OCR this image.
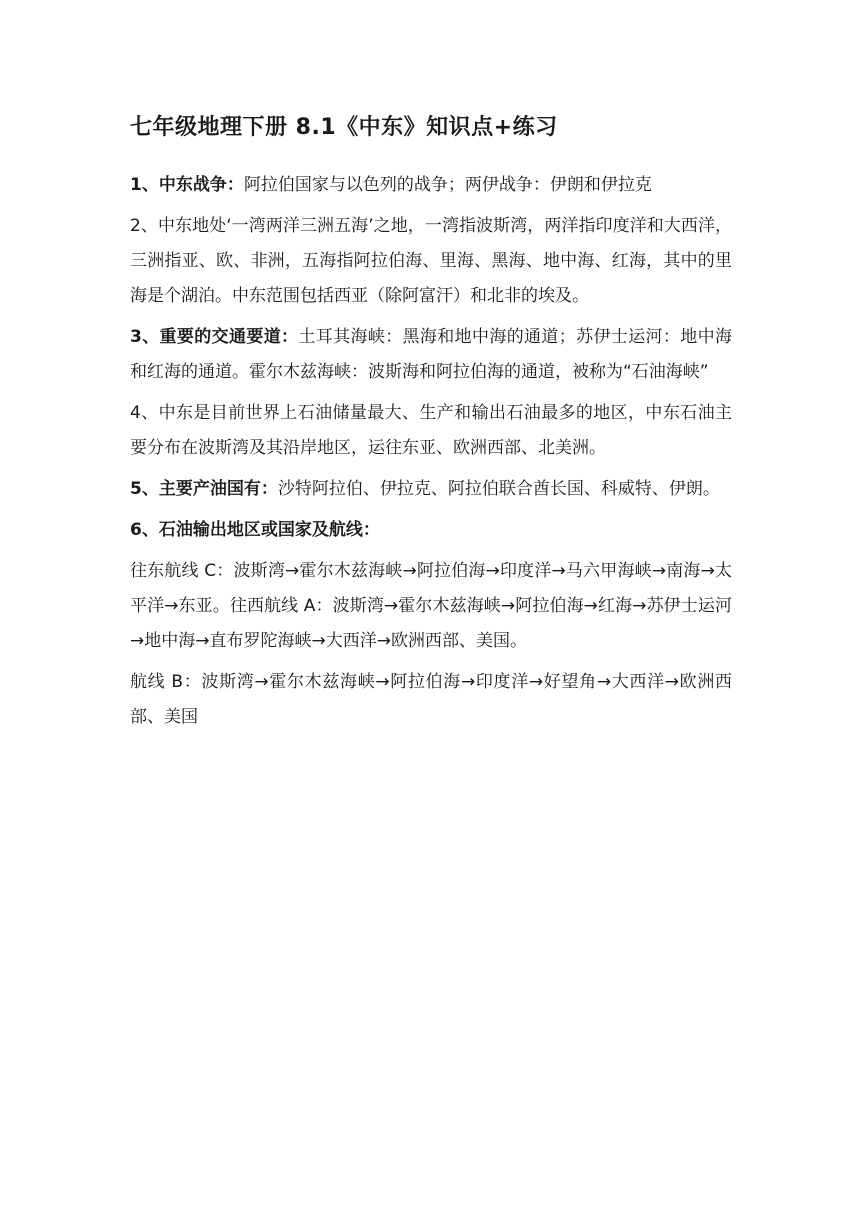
七年级地理下册 8.1《中东》知识点+练习

1、中东战争：阿拉伯国家与以色列的战争；两伊战争：伊朗和伊拉克

2、中东地处‘一湾两洋三洲五海’之地，一湾指波斯湾，两洋指印度洋和大西洋，三洲指亚、欧、非洲，五海指阿拉伯海、里海、黑海、地中海、红海，其中的里海是个湖泊。中东范围包括西亚（除阿富汗）和北非的埃及。

3、重要的交通要道：土耳其海峡：黑海和地中海的通道；苏伊士运河：地中海和红海的通道。霍尔木兹海峡：波斯海和阿拉伯海的通道，被称为“石油海峡”

4、中东是目前世界上石油储量最大、生产和输出石油最多的地区，中东石油主要分布在波斯湾及其沿岸地区，运往东亚、欧洲西部、北美洲。

5、主要产油国有：沙特阿拉伯、伊拉克、阿拉伯联合酋长国、科威特、伊朗。

6、石油输出地区或国家及航线：

往东航线 C：波斯湾→霍尔木兹海峡→阿拉伯海→印度洋→马六甲海峡→南海→太平洋→东亚。往西航线 A：波斯湾→霍尔木兹海峡→阿拉伯海→红海→苏伊士运河→地中海→直布罗陀海峡→大西洋→欧洲西部、美国。

航线 B：波斯湾→霍尔木兹海峡→阿拉伯海→印度洋→好望角→大西洋→欧洲西部、美国
